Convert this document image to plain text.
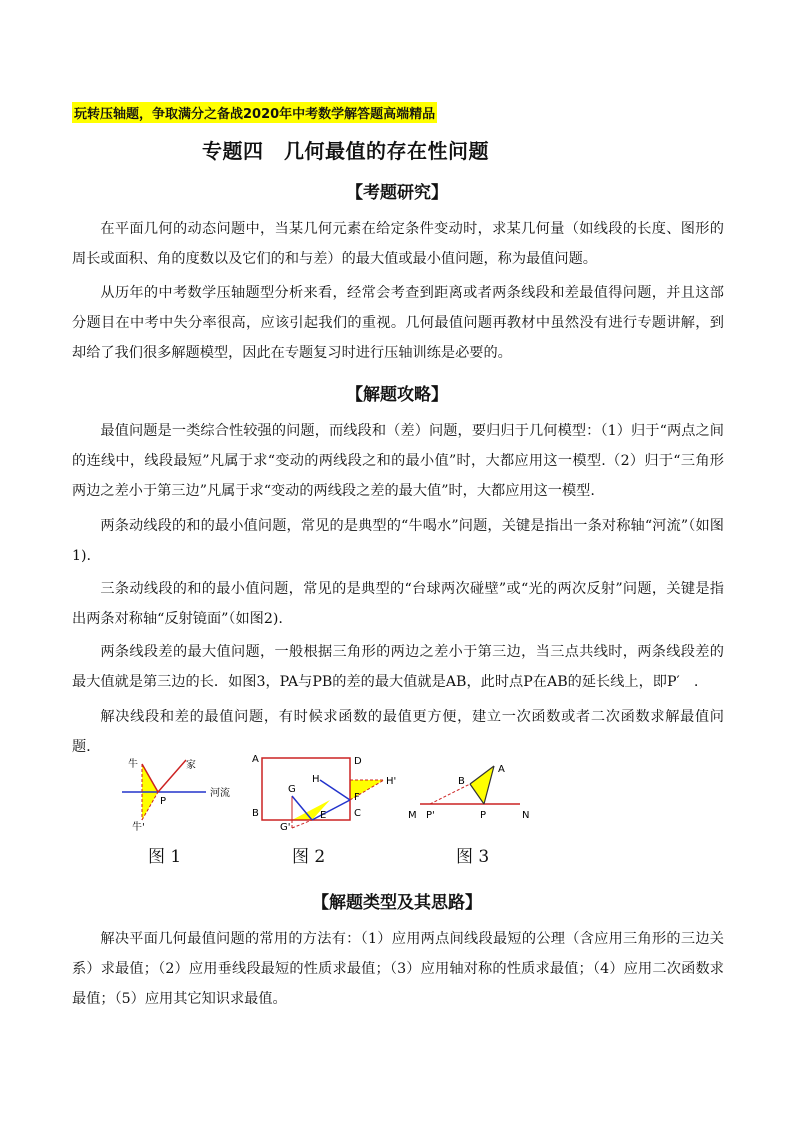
玩转压轴题，争取满分之备战2020年中考数学解答题高端精品
专题四　几何最值的存在性问题
【考题研究】
在平面几何的动态问题中，当某几何元素在给定条件变动时，求某几何量（如线段的长度、图形的周长或面积、角的度数以及它们的和与差）的最大值或最小值问题，称为最值问题。
从历年的中考数学压轴题型分析来看，经常会考查到距离或者两条线段和差最值得问题，并且这部分题目在中考中失分率很高，应该引起我们的重视。几何最值问题再教材中虽然没有进行专题讲解，到却给了我们很多解题模型，因此在专题复习时进行压轴训练是必要的。
【解题攻略】
最值问题是一类综合性较强的问题，而线段和（差）问题，要归归于几何模型：（1）归于“两点之间的连线中，线段最短”凡属于求“变动的两线段之和的最小值”时，大都应用这一模型.（2）归于“三角形两边之差小于第三边”凡属于求“变动的两线段之差的最大值”时，大都应用这一模型.
两条动线段的和的最小值问题，常见的是典型的“牛喝水”问题，关键是指出一条对称轴“河流”（如图1).
三条动线段的和的最小值问题，常见的是典型的“台球两次碰壁”或“光的两次反射”问题，关键是指出两条对称轴“反射镜面”（如图2).
两条线段差的最大值问题，一般根据三角形的两边之差小于第三边，当三点共线时，两条线段差的最大值就是第三边的长．如图3，PA与PB的差的最大值就是AB，此时点P在AB的延长线上，即P′　.
解决线段和差的最值问题，有时候求函数的最值更方便，建立一次函数或者二次函数求解最值问题．
牛	家
P
河流
牛'
图 1
A
B	C
D
E
F
G
H	H'
G'
图 2
A
B
M	N
P
P'
图 3
【解题类型及其思路】
解决平面几何最值问题的常用的方法有：（1）应用两点间线段最短的公理（含应用三角形的三边关系）求最值；（2）应用垂线段最短的性质求最值；（3）应用轴对称的性质求最值；（4）应用二次函数求最值；（5）应用其它知识求最值。
